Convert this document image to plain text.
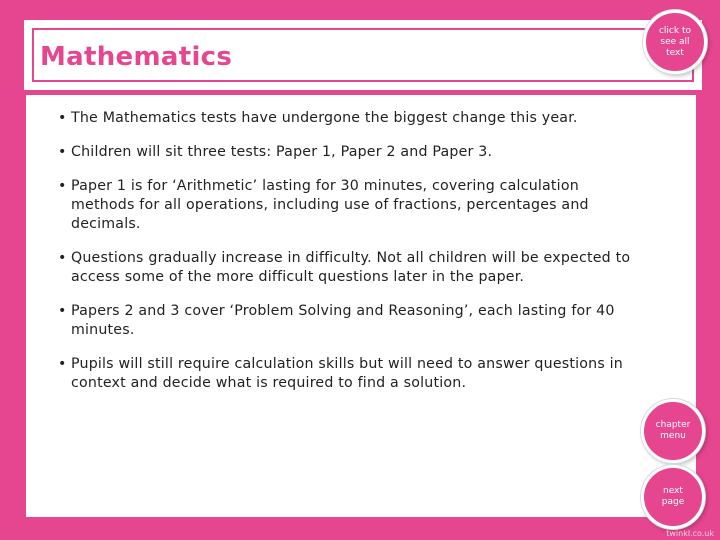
Mathematics
• The Mathematics tests have undergone the biggest change this year.
• Children will sit three tests: Paper 1, Paper 2 and Paper 3.
• Paper 1 is for ‘Arithmetic’ lasting for 30 minutes, covering calculation methods for all operations, including use of fractions, percentages and decimals.
• Questions gradually increase in difficulty. Not all children will be expected to access some of the more difficult questions later in the paper.
• Papers 2 and 3 cover ‘Problem Solving and Reasoning’, each lasting for 40 minutes.
• Pupils will still require calculation skills but will need to answer questions in context and decide what is required to find a solution.
click to see all text
chapter menu
next page
twinkl.co.uk
